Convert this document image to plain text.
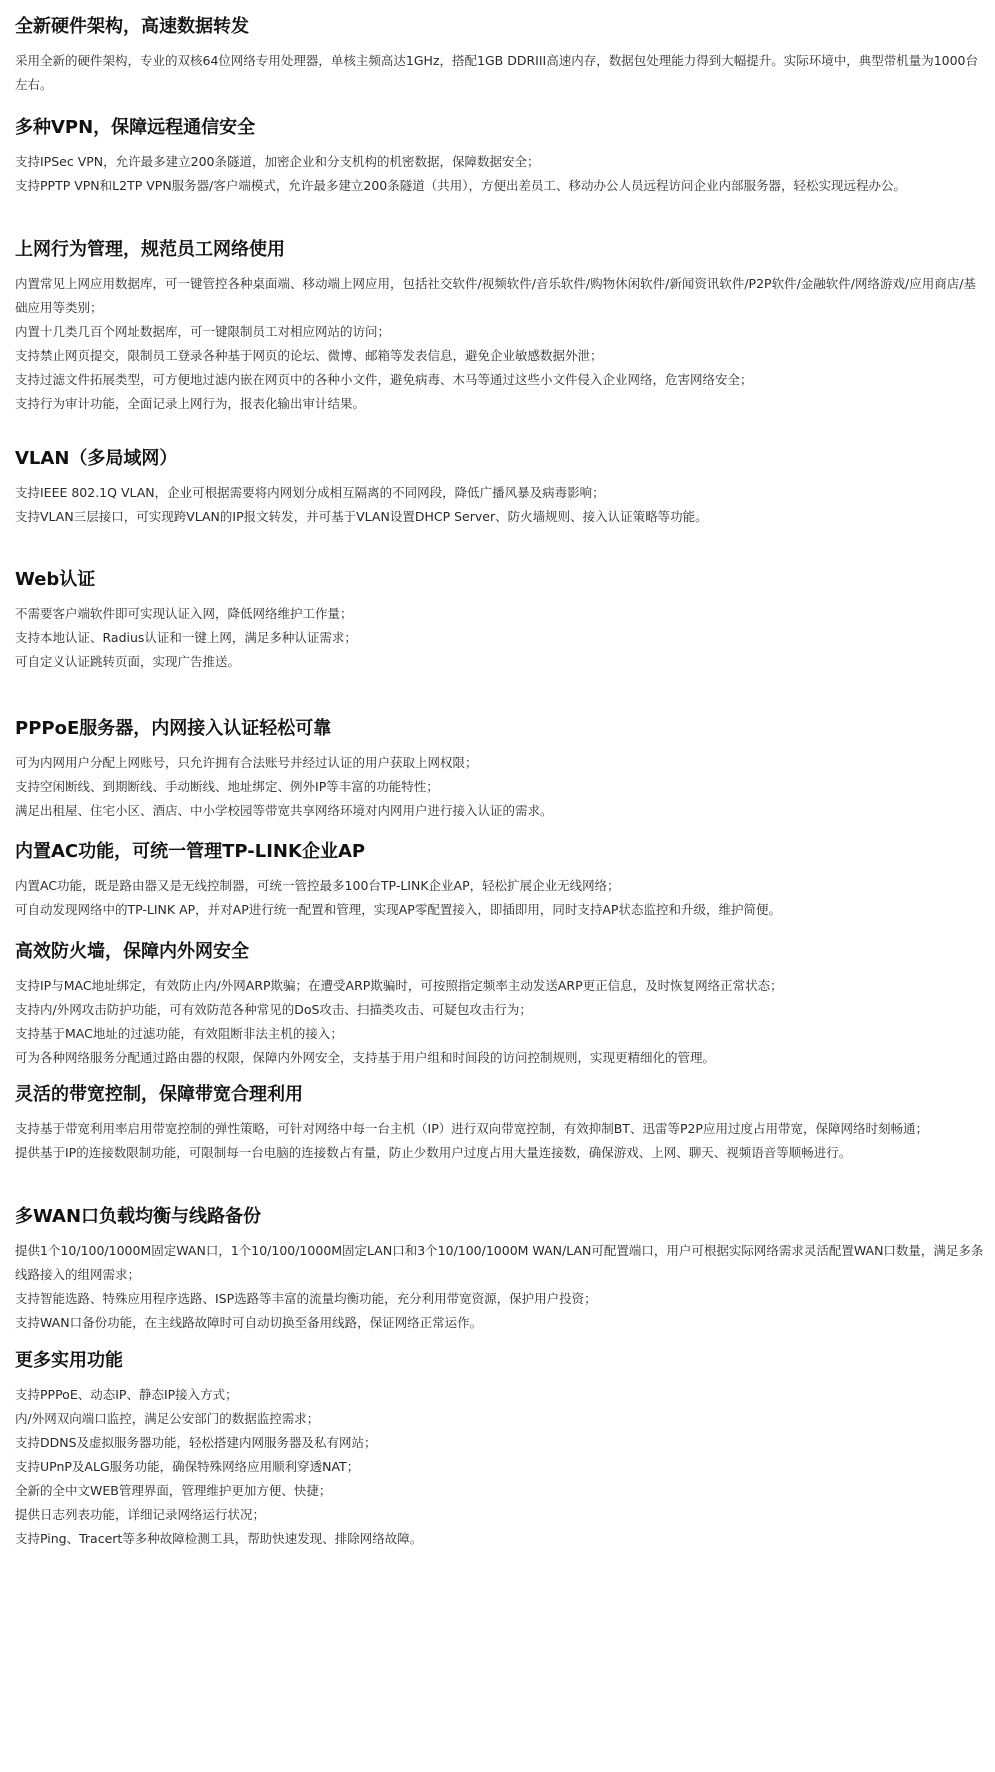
全新硬件架构，高速数据转发

采用全新的硬件架构，专业的双核64位网络专用处理器，单核主频高达1GHz，搭配1GB DDRIII高速内存，数据包处理能力得到大幅提升。实际环境中，典型带机量为1000台左右。

多种VPN，保障远程通信安全

支持IPSec VPN，允许最多建立200条隧道，加密企业和分支机构的机密数据，保障数据安全；

支持PPTP VPN和L2TP VPN服务器/客户端模式，允许最多建立200条隧道（共用），方便出差员工、移动办公人员远程访问企业内部服务器，轻松实现远程办公。

上网行为管理，规范员工网络使用

内置常见上网应用数据库，可一键管控各种桌面端、移动端上网应用，包括社交软件/视频软件/音乐软件/购物休闲软件/新闻资讯软件/P2P软件/金融软件/网络游戏/应用商店/基础应用等类别；

内置十几类几百个网址数据库，可一键限制员工对相应网站的访问；

支持禁止网页提交，限制员工登录各种基于网页的论坛、微博、邮箱等发表信息，避免企业敏感数据外泄；

支持过滤文件拓展类型，可方便地过滤内嵌在网页中的各种小文件，避免病毒、木马等通过这些小文件侵入企业网络，危害网络安全；

支持行为审计功能，全面记录上网行为，报表化输出审计结果。

VLAN（多局域网）

支持IEEE 802.1Q VLAN，企业可根据需要将内网划分成相互隔离的不同网段，降低广播风暴及病毒影响；

支持VLAN三层接口，可实现跨VLAN的IP报文转发，并可基于VLAN设置DHCP Server、防火墙规则、接入认证策略等功能。

Web认证

不需要客户端软件即可实现认证入网，降低网络维护工作量；

支持本地认证、Radius认证和一键上网，满足多种认证需求；

可自定义认证跳转页面，实现广告推送。

PPPoE服务器，内网接入认证轻松可靠

可为内网用户分配上网账号，只允许拥有合法账号并经过认证的用户获取上网权限；

支持空闲断线、到期断线、手动断线、地址绑定、例外IP等丰富的功能特性；

满足出租屋、住宅小区、酒店、中小学校园等带宽共享网络环境对内网用户进行接入认证的需求。

内置AC功能，可统一管理TP-LINK企业AP

内置AC功能，既是路由器又是无线控制器，可统一管控最多100台TP-LINK企业AP，轻松扩展企业无线网络；

可自动发现网络中的TP-LINK AP，并对AP进行统一配置和管理，实现AP零配置接入，即插即用，同时支持AP状态监控和升级，维护简便。

高效防火墙，保障内外网安全

支持IP与MAC地址绑定，有效防止内/外网ARP欺骗；在遭受ARP欺骗时，可按照指定频率主动发送ARP更正信息，及时恢复网络正常状态；

支持内/外网攻击防护功能，可有效防范各种常见的DoS攻击、扫描类攻击、可疑包攻击行为；

支持基于MAC地址的过滤功能，有效阻断非法主机的接入；

可为各种网络服务分配通过路由器的权限，保障内外网安全，支持基于用户组和时间段的访问控制规则，实现更精细化的管理。

灵活的带宽控制，保障带宽合理利用

支持基于带宽利用率启用带宽控制的弹性策略，可针对网络中每一台主机（IP）进行双向带宽控制，有效抑制BT、迅雷等P2P应用过度占用带宽，保障网络时刻畅通；

提供基于IP的连接数限制功能，可限制每一台电脑的连接数占有量，防止少数用户过度占用大量连接数，确保游戏、上网、聊天、视频语音等顺畅进行。

多WAN口负载均衡与线路备份

提供1个10/100/1000M固定WAN口，1个10/100/1000M固定LAN口和3个10/100/1000M WAN/LAN可配置端口，用户可根据实际网络需求灵活配置WAN口数量，满足多条线路接入的组网需求；

支持智能选路、特殊应用程序选路、ISP选路等丰富的流量均衡功能，充分利用带宽资源，保护用户投资；

支持WAN口备份功能，在主线路故障时可自动切换至备用线路，保证网络正常运作。

更多实用功能

支持PPPoE、动态IP、静态IP接入方式；

内/外网双向端口监控，满足公安部门的数据监控需求；

支持DDNS及虚拟服务器功能，轻松搭建内网服务器及私有网站；

支持UPnP及ALG服务功能，确保特殊网络应用顺利穿透NAT；

全新的全中文WEB管理界面，管理维护更加方便、快捷；

提供日志列表功能，详细记录网络运行状况；

支持Ping、Tracert等多种故障检测工具，帮助快速发现、排除网络故障。
